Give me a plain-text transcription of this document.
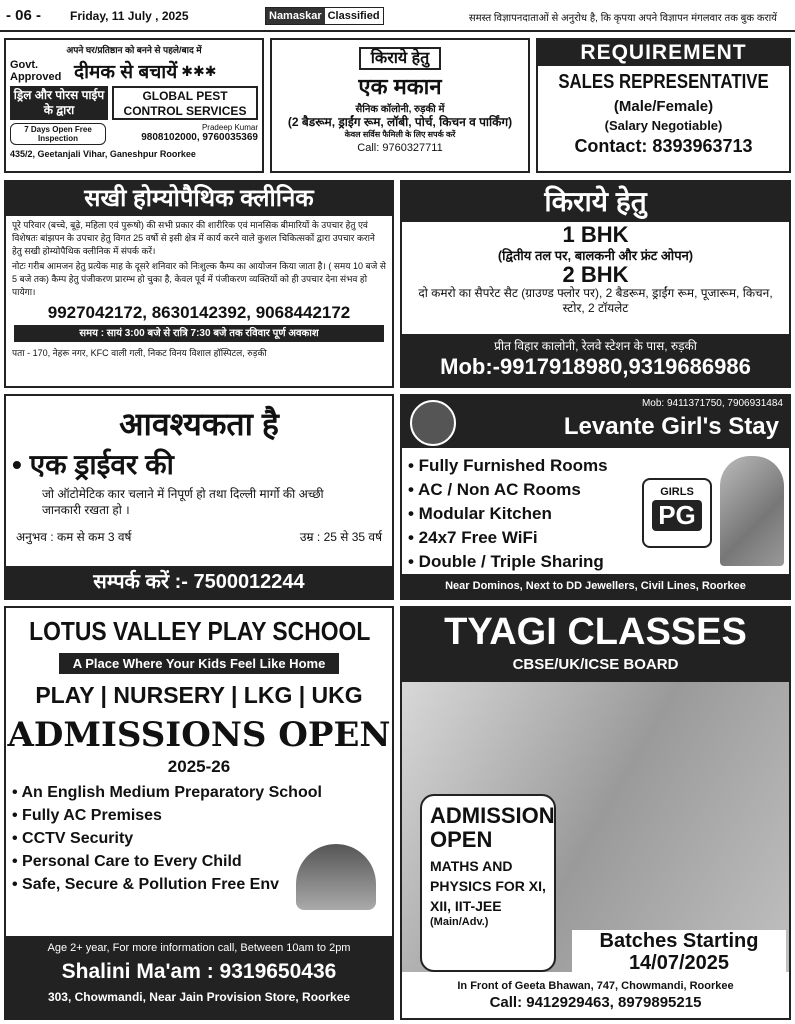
- 06 - Friday, 11 July , 2025	Namaskar Classified	समस्त विज्ञापनदाताओं से अनुरोध है, कि कृपया अपने विज्ञापन मंगलवार तक बुक करायें
अपने घर/प्रतिष्ठान को बनने से पहले/बाद में
Govt. Approved दीमक से बचायें ✱✱✱
ड्रिल और पोरस पाईप के द्वारा
GLOBAL PEST CONTROL SERVICES
7 Days Open Free Inspection
Pradeep Kumar
9808102000, 9760035369
435/2, Geetanjali Vihar, Ganeshpur Roorkee
किराये हेतु
एक मकान
सैनिक कॉलोनी, रुड़की में
(2 बैडरूम, ड्राईंग रूम, लॉबी, पोर्च, किचन व पार्किंग)
केवल सर्विस फैमिली के लिए सपर्क करें
Call: 9760327711
REQUIREMENT
SALES REPRESENTATIVE
(Male/Female)
(Salary Negotiable)
Contact: 8393963713
सखी होम्योपैथिक क्लीनिक
पूरे परिवार (बच्चे, बूढ़े, महिला एवं पुरूषो) की सभी प्रकार की शारीरिक एवं मानसिक बीमारियों के उपचार हेतु एवं विशेषतः बांझपन के उपचार हेतु विगत 25 वर्षो से इसी क्षेत्र में कार्य करने वाले कुशल चिकित्सकों द्वारा उपचार कराने हेतु सखी होम्योपैथिक क्लीनिक में संपर्क करें।
नोटः गरीब आमजन हेतु प्रत्येक माह के दूसरे शनिवार को निःशुल्क कैम्प का आयोजन किया जाता है। ( समय 10 बजे से 5 बजे तक) कैम्प हेतु पंजीकरण प्रारम्भ हो चुका है, केवल पूर्व में पंजीकरण व्यक्तियों को ही उपचार देना संभव हो पायेगा।
9927042172, 8630142392, 9068442172
समय : सायं 3:00 बजे से रात्रि 7:30 बजे तक रविवार पूर्ण अवकाश
पता - 170, नेहरू नगर, KFC वाली गली, निकट विनय विशाल हॉस्पिटल, रुड़की
किराये हेतु
1 BHK
(द्वितीय तल पर, बालकनी और फ्रंट ओपन)
2 BHK
दो कमरो का सैपरेट सैट (ग्राउण्ड फ्लोर पर), 2 बैडरूम, ड्राईंग रूम, पूजारूम, किचन, स्टोर, 2 टॉयलेट
प्रीत विहार कालोनी, रेलवे स्टेशन के पास, रुड़की
Mob:-9917918980,9319686986
आवश्यकता है
• एक ड्राईवर की
जो ऑटोमेटिक कार चलाने में निपूर्ण हो तथा दिल्ली मार्गो की अच्छी जानकारी रखता हो ।
अनुभव : कम से कम 3 वर्ष	उम्र : 25 से 35 वर्ष
सम्पर्क करें :- 7500012244
Mob: 9411371750, 7906931484
Levante Girl's Stay
• Fully Furnished Rooms
• AC / Non AC Rooms
• Modular Kitchen
• 24x7 Free WiFi
• Double / Triple Sharing
GIRLS
PG
Near Dominos, Next to DD Jewellers, Civil Lines, Roorkee
LOTUS VALLEY PLAY SCHOOL
A Place Where Your Kids Feel Like Home
PLAY | NURSERY | LKG | UKG
ADMISSIONS OPEN
2025-26
• An English Medium Preparatory School
• Fully AC Premises
• CCTV Security
• Personal Care to Every Child
• Safe, Secure & Pollution Free Env
Age 2+ year, For more information call, Between 10am to 2pm
Shalini Ma'am : 9319650436
303, Chowmandi, Near Jain Provision Store, Roorkee
TYAGI CLASSES
CBSE/UK/ICSE BOARD
ADMISSION
OPEN
MATHS AND PHYSICS FOR XI, XII, IIT-JEE
(Main/Adv.)
Batches Starting
14/07/2025
In Front of Geeta Bhawan, 747, Chowmandi, Roorkee
Call: 9412929463, 8979895215
